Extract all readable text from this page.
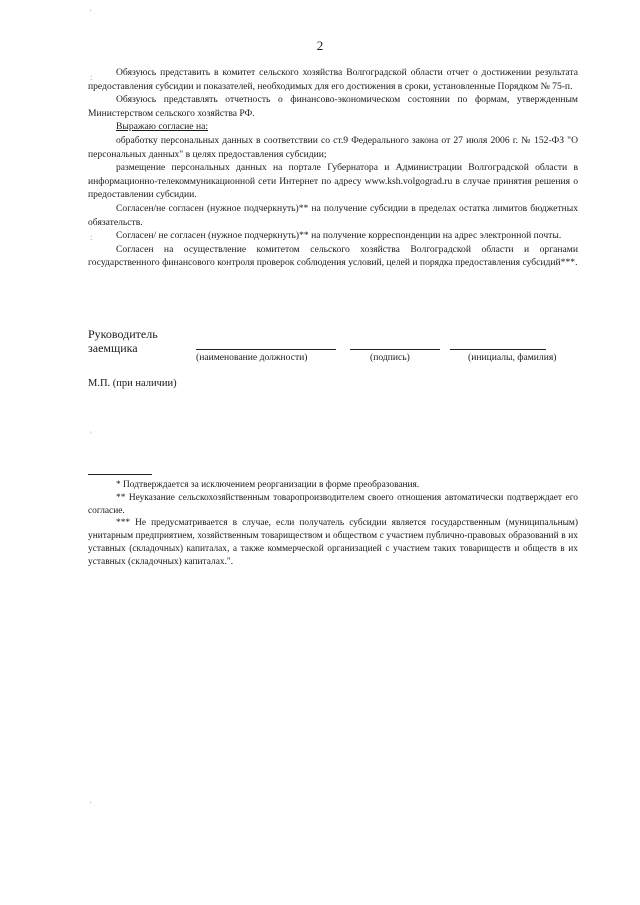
2

Обязуюсь представить в комитет сельского хозяйства Волгоградской области отчет о достижении результата предоставления субсидии и показателей, необходимых для его достижения в сроки, установленные Порядком № 75-п.

Обязуюсь представлять отчетность о финансово-экономическом состоянии по формам, утвержденным Министерством сельского хозяйства РФ.

Выражаю согласие на:

обработку персональных данных в соответствии со ст.9 Федерального закона от 27 июля 2006 г. № 152-ФЗ "О персональных данных" в целях предоставления субсидии;

размещение персональных данных на портале Губернатора и Администрации Волгоградской области в информационно-телекоммуникационной сети Интернет по адресу www.ksh.volgograd.ru в случае принятия решения о предоставлении субсидии.

Согласен/не согласен (нужное подчеркнуть)** на получение субсидии в пределах остатка лимитов бюджетных обязательств.

Согласен/ не согласен (нужное подчеркнуть)** на получение корреспонденции на адрес электронной почты.

Согласен на осуществление комитетом сельского хозяйства Волгоградской области и органами государственного финансового контроля проверок соблюдения условий, целей и порядка предоставления субсидий***.

Руководитель
заемщика
(наименование должности)	(подпись)	(инициалы, фамилия)
М.П. (при наличии)

* Подтверждается за исключением реорганизации в форме преобразования.

** Неуказание сельскохозяйственным товаропроизводителем своего отношения автоматически подтверждает его согласие.

*** Не предусматривается в случае, если получатель субсидии является государственным (муниципальным) унитарным предприятием, хозяйственным товариществом и обществом с участием публично-правовых образований в их уставных (складочных) капиталах, а также коммерческой организацией с участием таких товариществ и обществ в их уставных (складочных) капиталах.".

'
:
:
'
'
